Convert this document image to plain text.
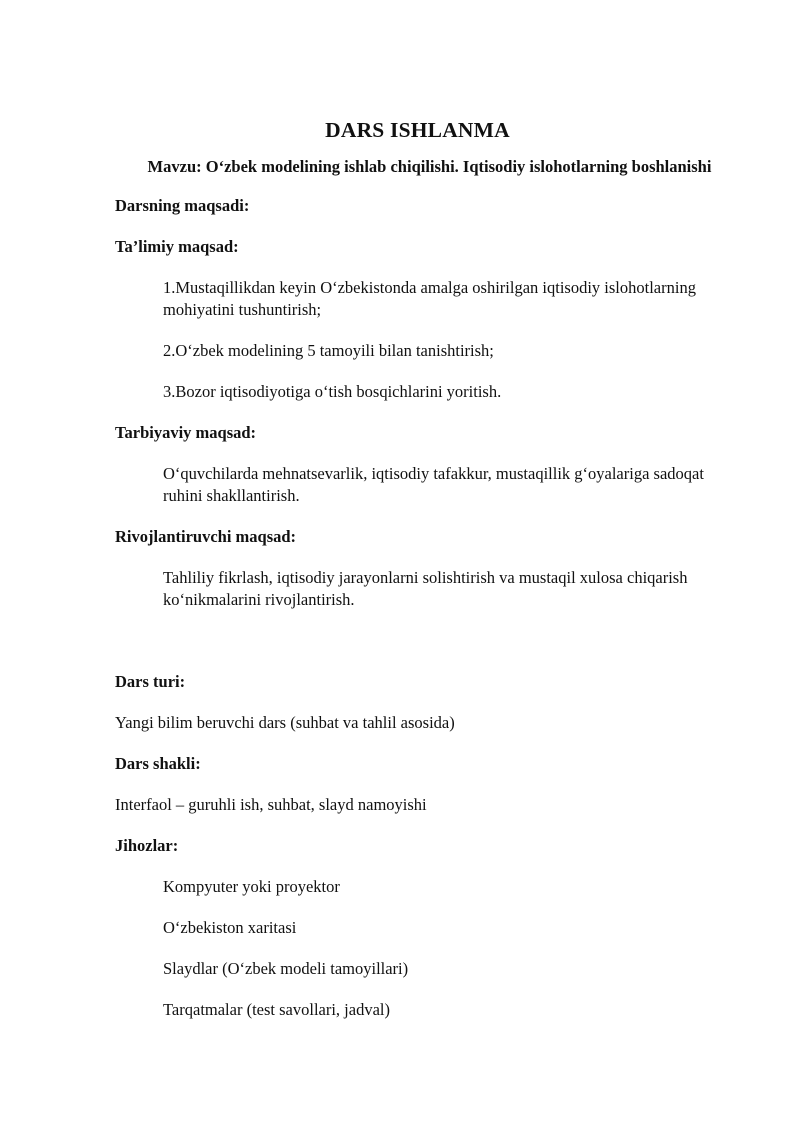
DARS ISHLANMA
Mavzu: O‘zbek modelining ishlab chiqilishi. Iqtisodiy islohotlarning boshlanishi
Darsning maqsadi:
Ta’limiy maqsad:
1.Mustaqillikdan keyin O‘zbekistonda amalga oshirilgan iqtisodiy islohotlarning mohiyatini tushuntirish;
2.O‘zbek modelining 5 tamoyili bilan tanishtirish;
3.Bozor iqtisodiyotiga o‘tish bosqichlarini yoritish.
Tarbiyaviy maqsad:
O‘quvchilarda mehnatsevarlik, iqtisodiy tafakkur, mustaqillik g‘oyalariga sadoqat ruhini shakllantirish.
Rivojlantiruvchi maqsad:
Tahliliy fikrlash, iqtisodiy jarayonlarni solishtirish va mustaqil xulosa chiqarish ko‘nikmalarini rivojlantirish.
Dars turi:
Yangi bilim beruvchi dars (suhbat va tahlil asosida)
Dars shakli:
Interfaol – guruhli ish, suhbat, slayd namoyishi
Jihozlar:
Kompyuter yoki proyektor
O‘zbekiston xaritasi
Slaydlar (O‘zbek modeli tamoyillari)
Tarqatmalar (test savollari, jadval)
